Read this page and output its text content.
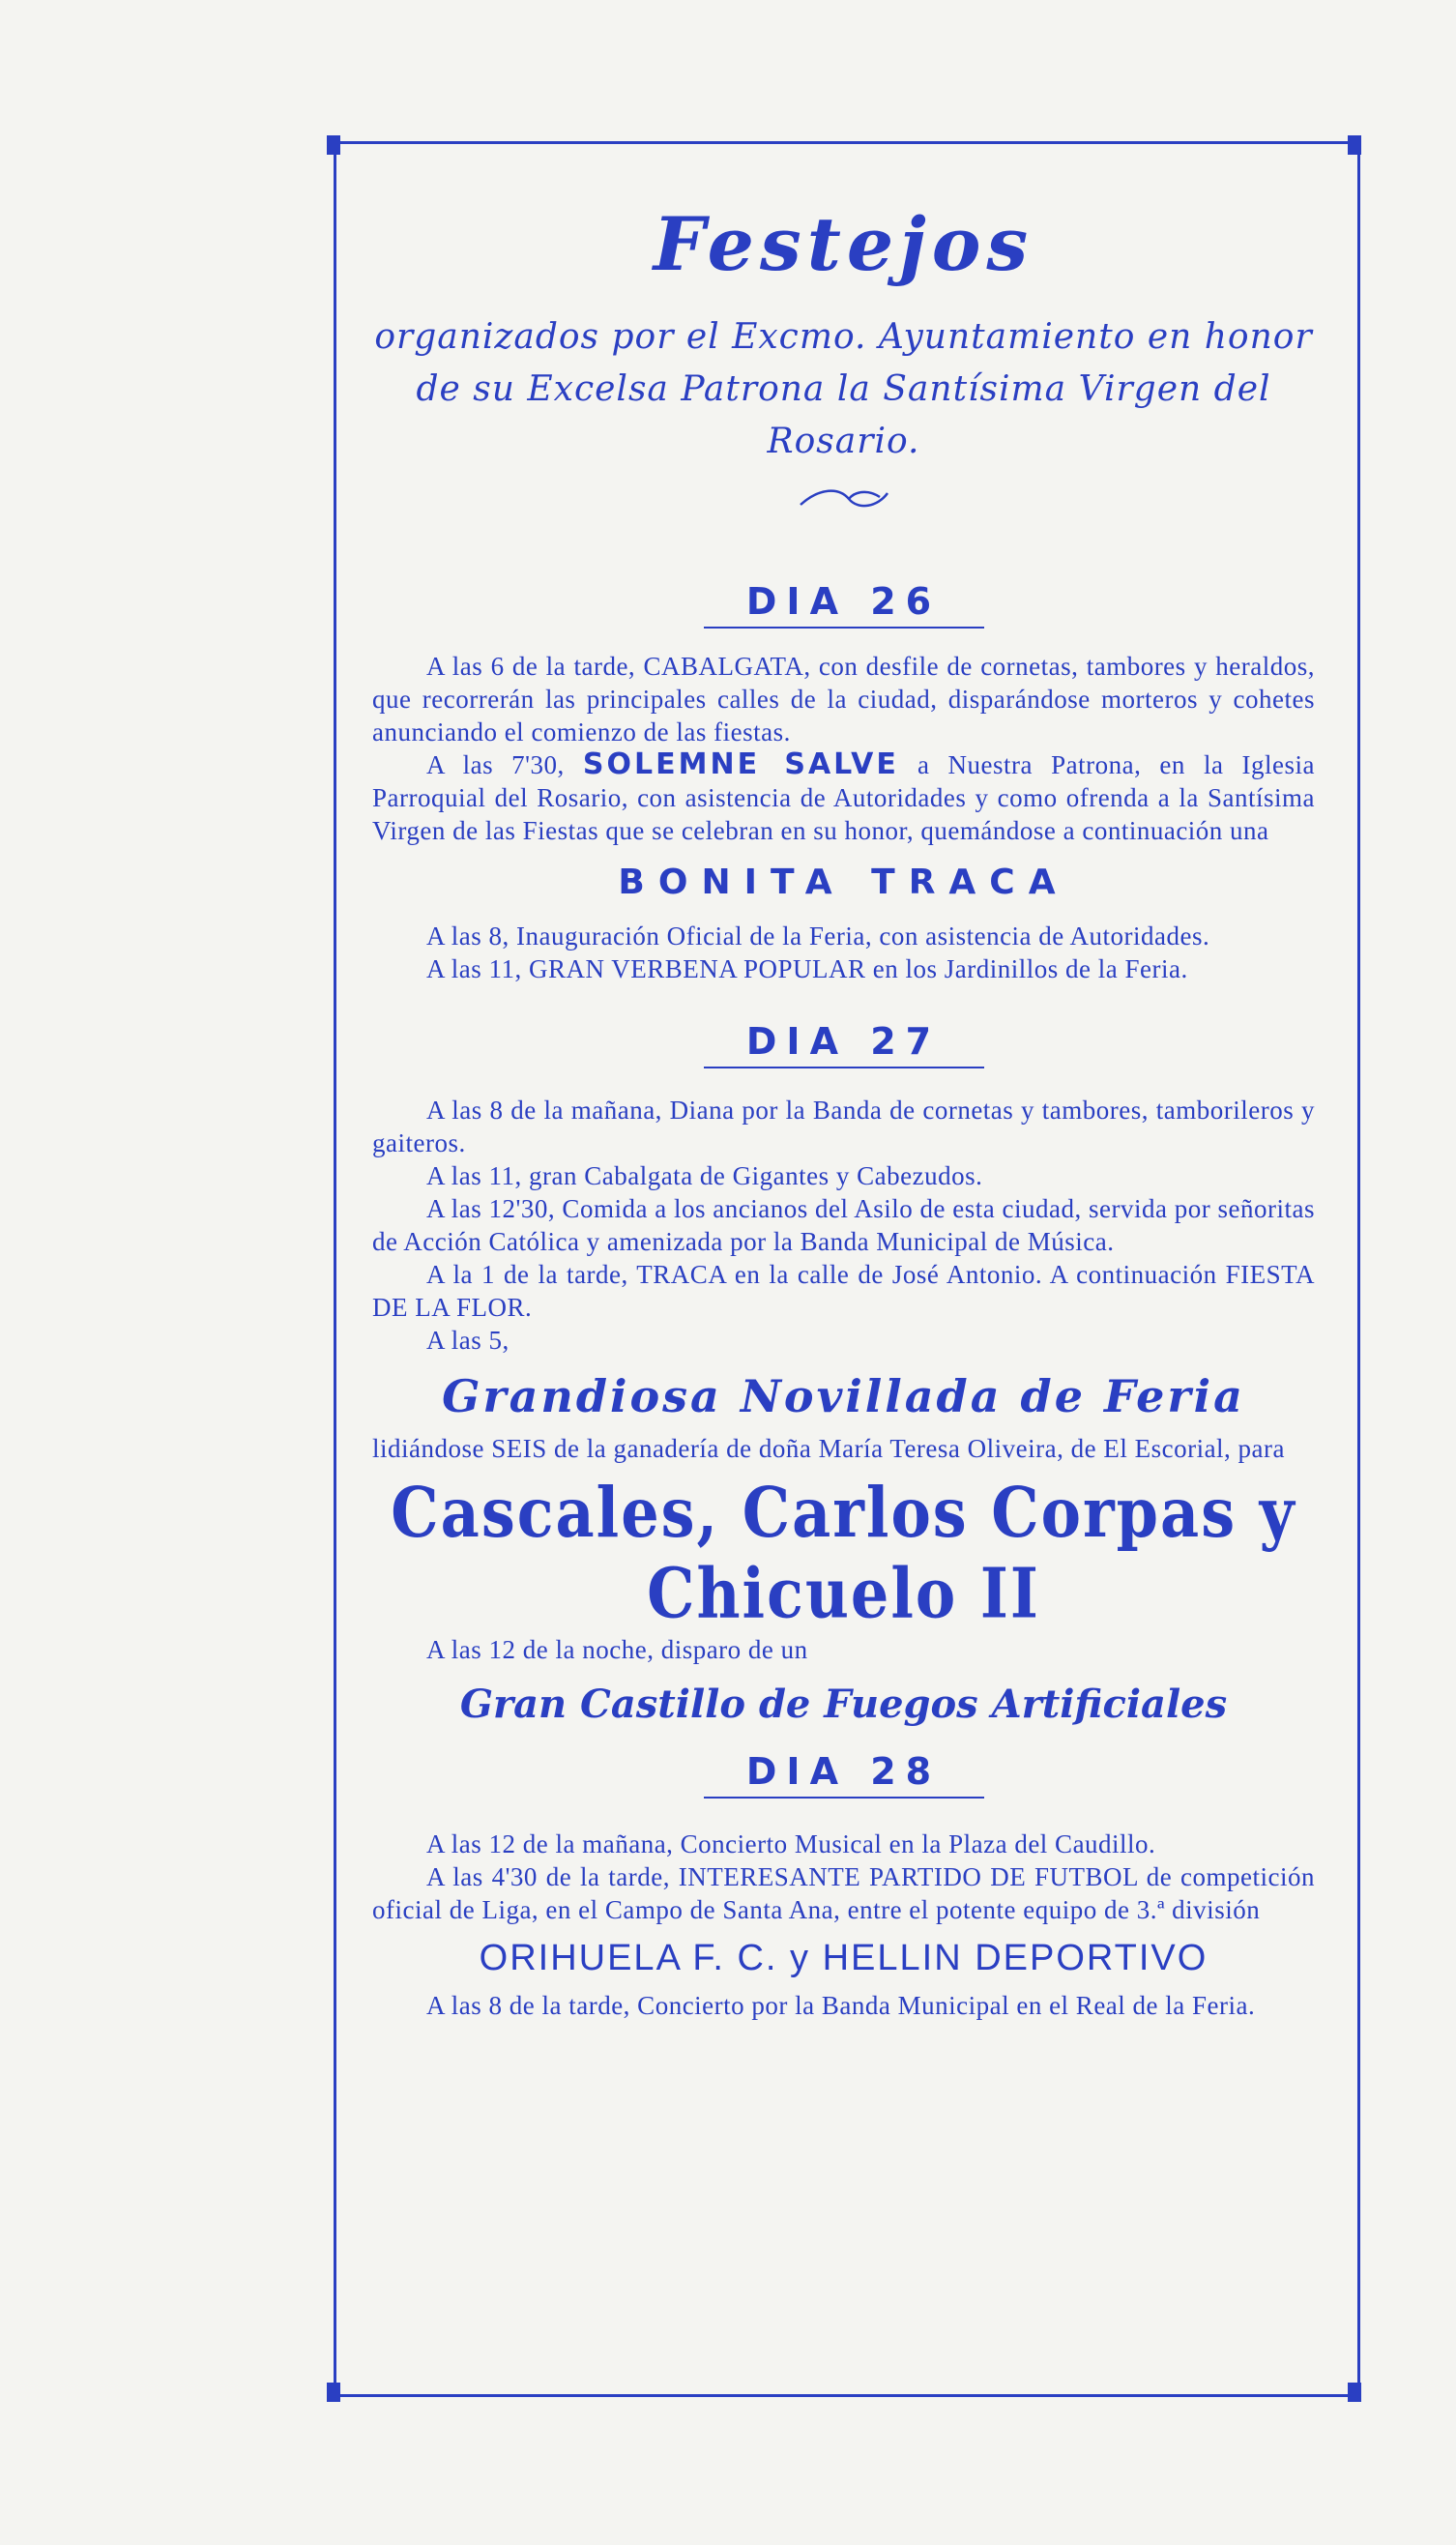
Festejos
organizados por el Excmo. Ayuntamiento en honor de su Excelsa Patrona la Santísima Virgen del Rosario.
DIA 26

A las 6 de la tarde, CABALGATA, con desfile de cornetas, tambores y heraldos, que recorrerán las principales calles de la ciudad, disparándose morteros y cohetes anunciando el comienzo de las fiestas.

A las 7'30, SOLEMNE SALVE a Nuestra Patrona, en la Iglesia Parroquial del Rosario, con asistencia de Autoridades y como ofrenda a la Santísima Virgen de las Fiestas que se celebran en su honor, quemándose a continuación una

BONITA TRACA

A las 8, Inauguración Oficial de la Feria, con asistencia de Autoridades.

A las 11, GRAN VERBENA POPULAR en los Jardinillos de la Feria.

DIA 27

A las 8 de la mañana, Diana por la Banda de cornetas y tambores, tamborileros y gaiteros.

A las 11, gran Cabalgata de Gigantes y Cabezudos.

A las 12'30, Comida a los ancianos del Asilo de esta ciudad, servida por señoritas de Acción Católica y amenizada por la Banda Municipal de Música.

A la 1 de la tarde, TRACA en la calle de José Antonio. A continuación FIESTA DE LA FLOR.

A las 5,

Grandiosa Novillada de Feria

lidiándose SEIS de la ganadería de doña María Teresa Oliveira, de El Escorial, para

Cascales, Carlos Corpas y Chicuelo II

A las 12 de la noche, disparo de un

Gran Castillo de Fuegos Artificiales
DIA 28

A las 12 de la mañana, Concierto Musical en la Plaza del Caudillo.

A las 4'30 de la tarde, INTERESANTE PARTIDO DE FUTBOL de competición oficial de Liga, en el Campo de Santa Ana, entre el potente equipo de 3.ª división

ORIHUELA F. C. y HELLIN DEPORTIVO

A las 8 de la tarde, Concierto por la Banda Municipal en el Real de la Feria.
